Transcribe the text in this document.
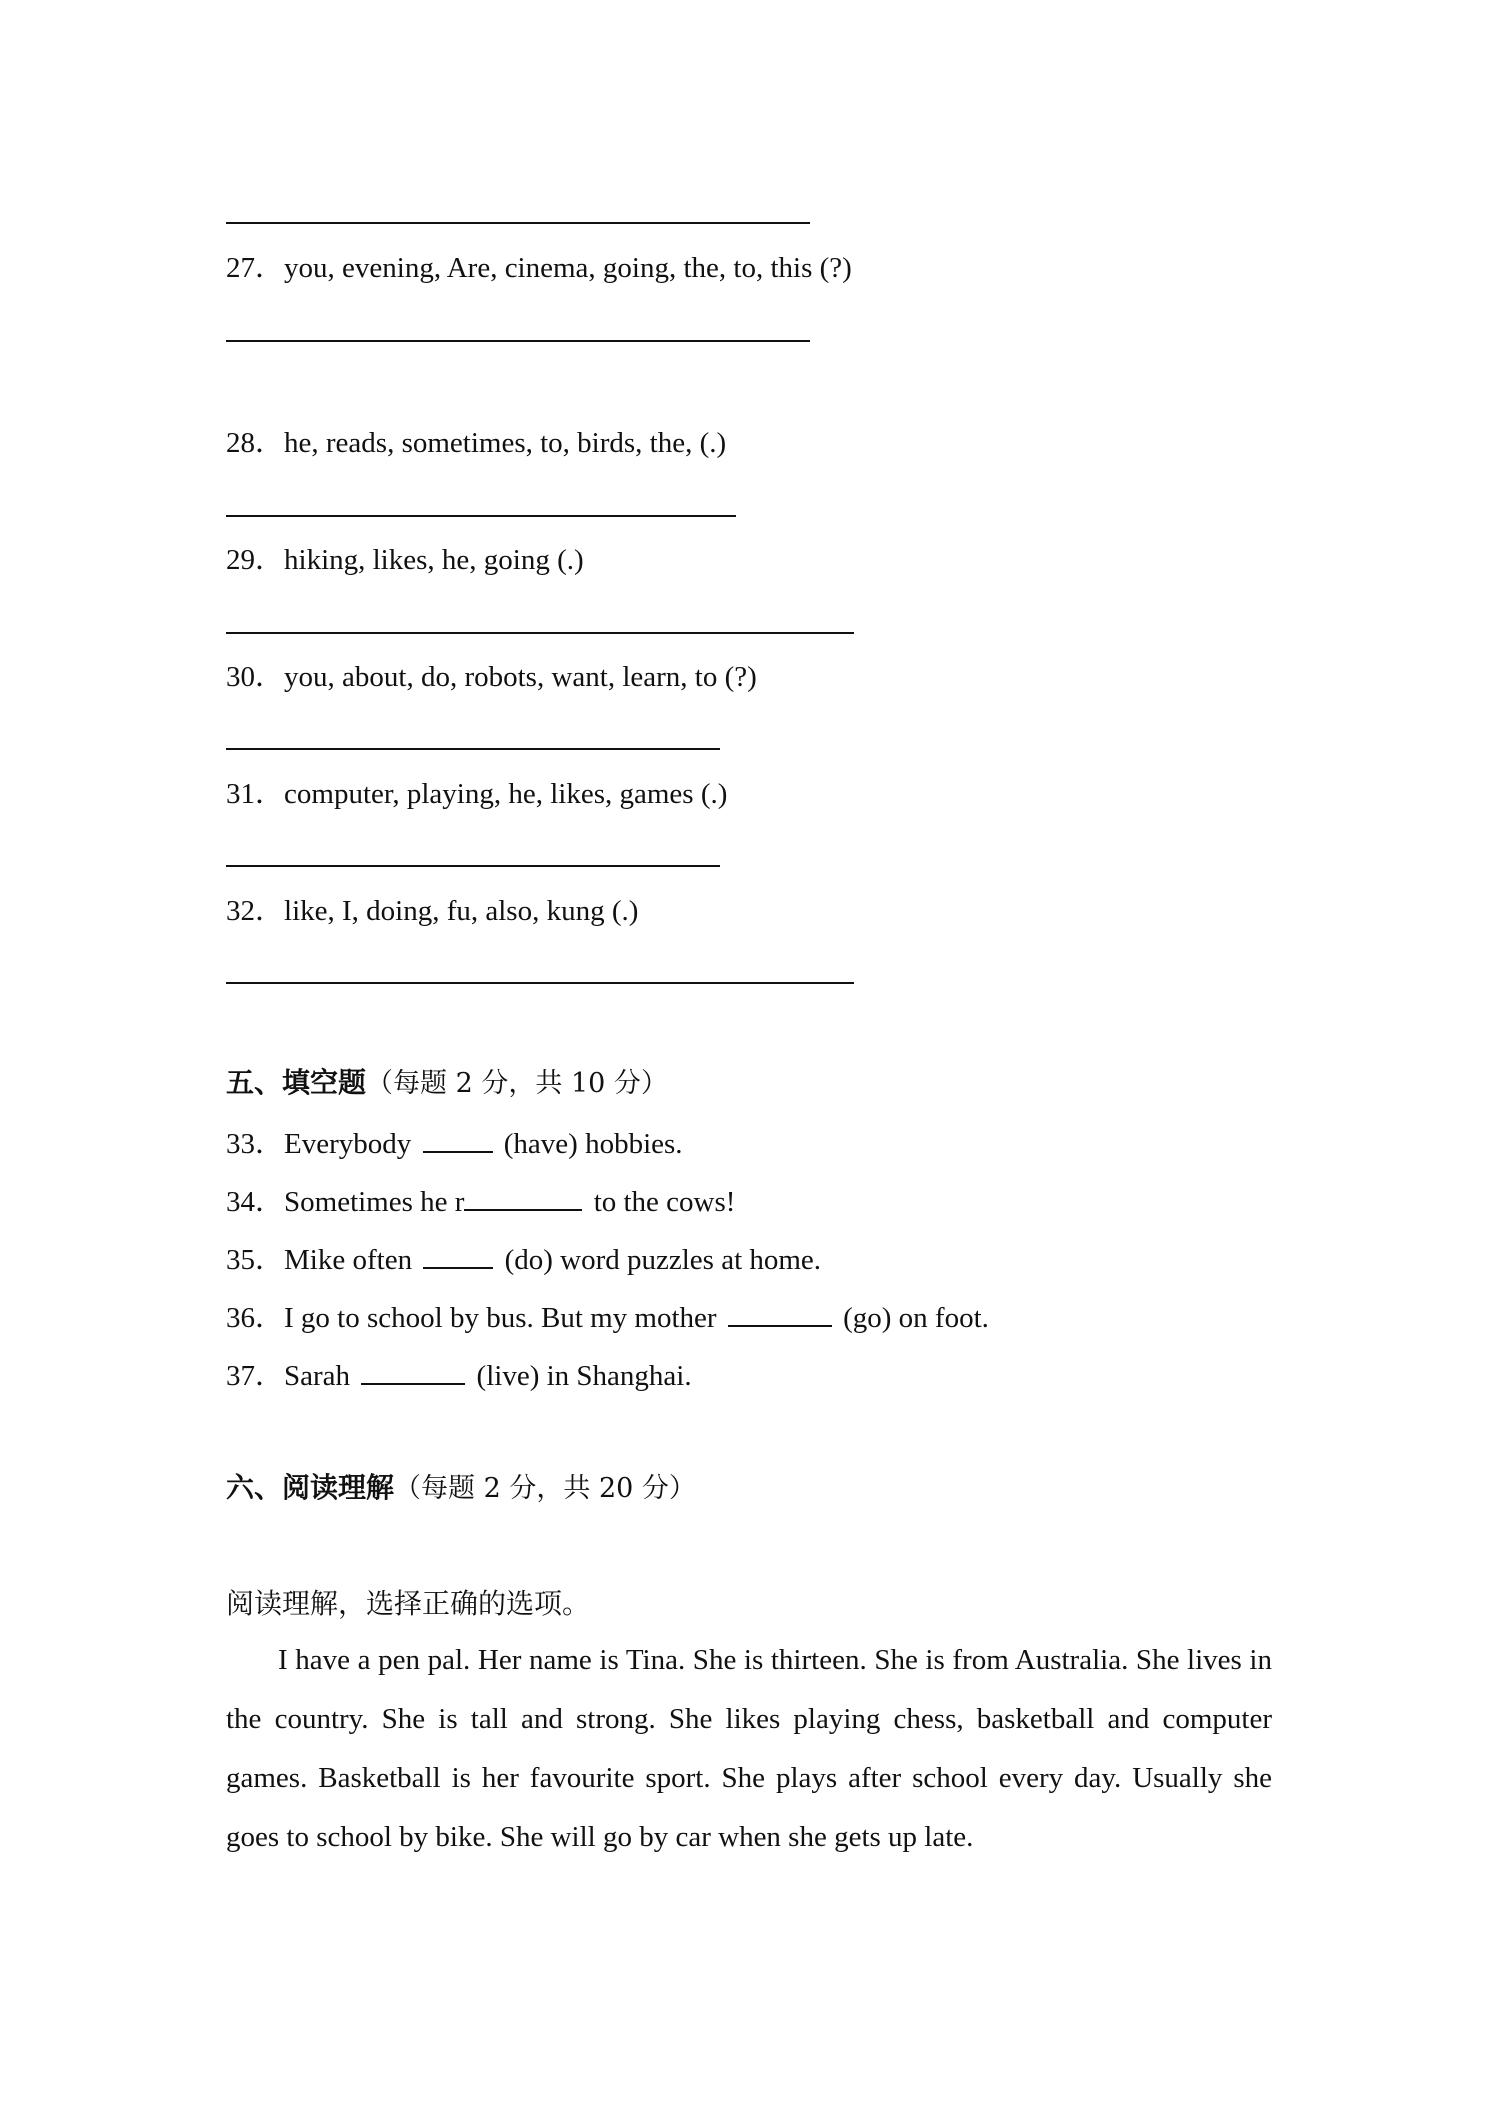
27．you, evening, Are, cinema, going, the, to, this (?)
28．he, reads, sometimes, to, birds, the, (.)
29．hiking, likes, he, going (.)
30．you, about, do, robots, want, learn, to (?)
31．computer, playing, he, likes, games (.)
32．like, I, doing, fu, also, kung (.)
五、填空题（每题 2 分，共 10 分）
33．Everybody	(have) hobbies.
34．Sometimes he r	to the cows!
35．Mike often	(do) word puzzles at home.
36．I go to school by bus. But my mother	(go) on foot.
37．Sarah	(live) in Shanghai.
六、阅读理解（每题 2 分，共 20 分）
阅读理解，选择正确的选项。
I have a pen pal. Her name is Tina. She is thirteen. She is from Australia. She lives in the country. She is tall and strong. She likes playing chess, basketball and computer games. Basketball is her favourite sport. She plays after school every day. Usually she goes to school by bike. She will go by car when she gets up late.
